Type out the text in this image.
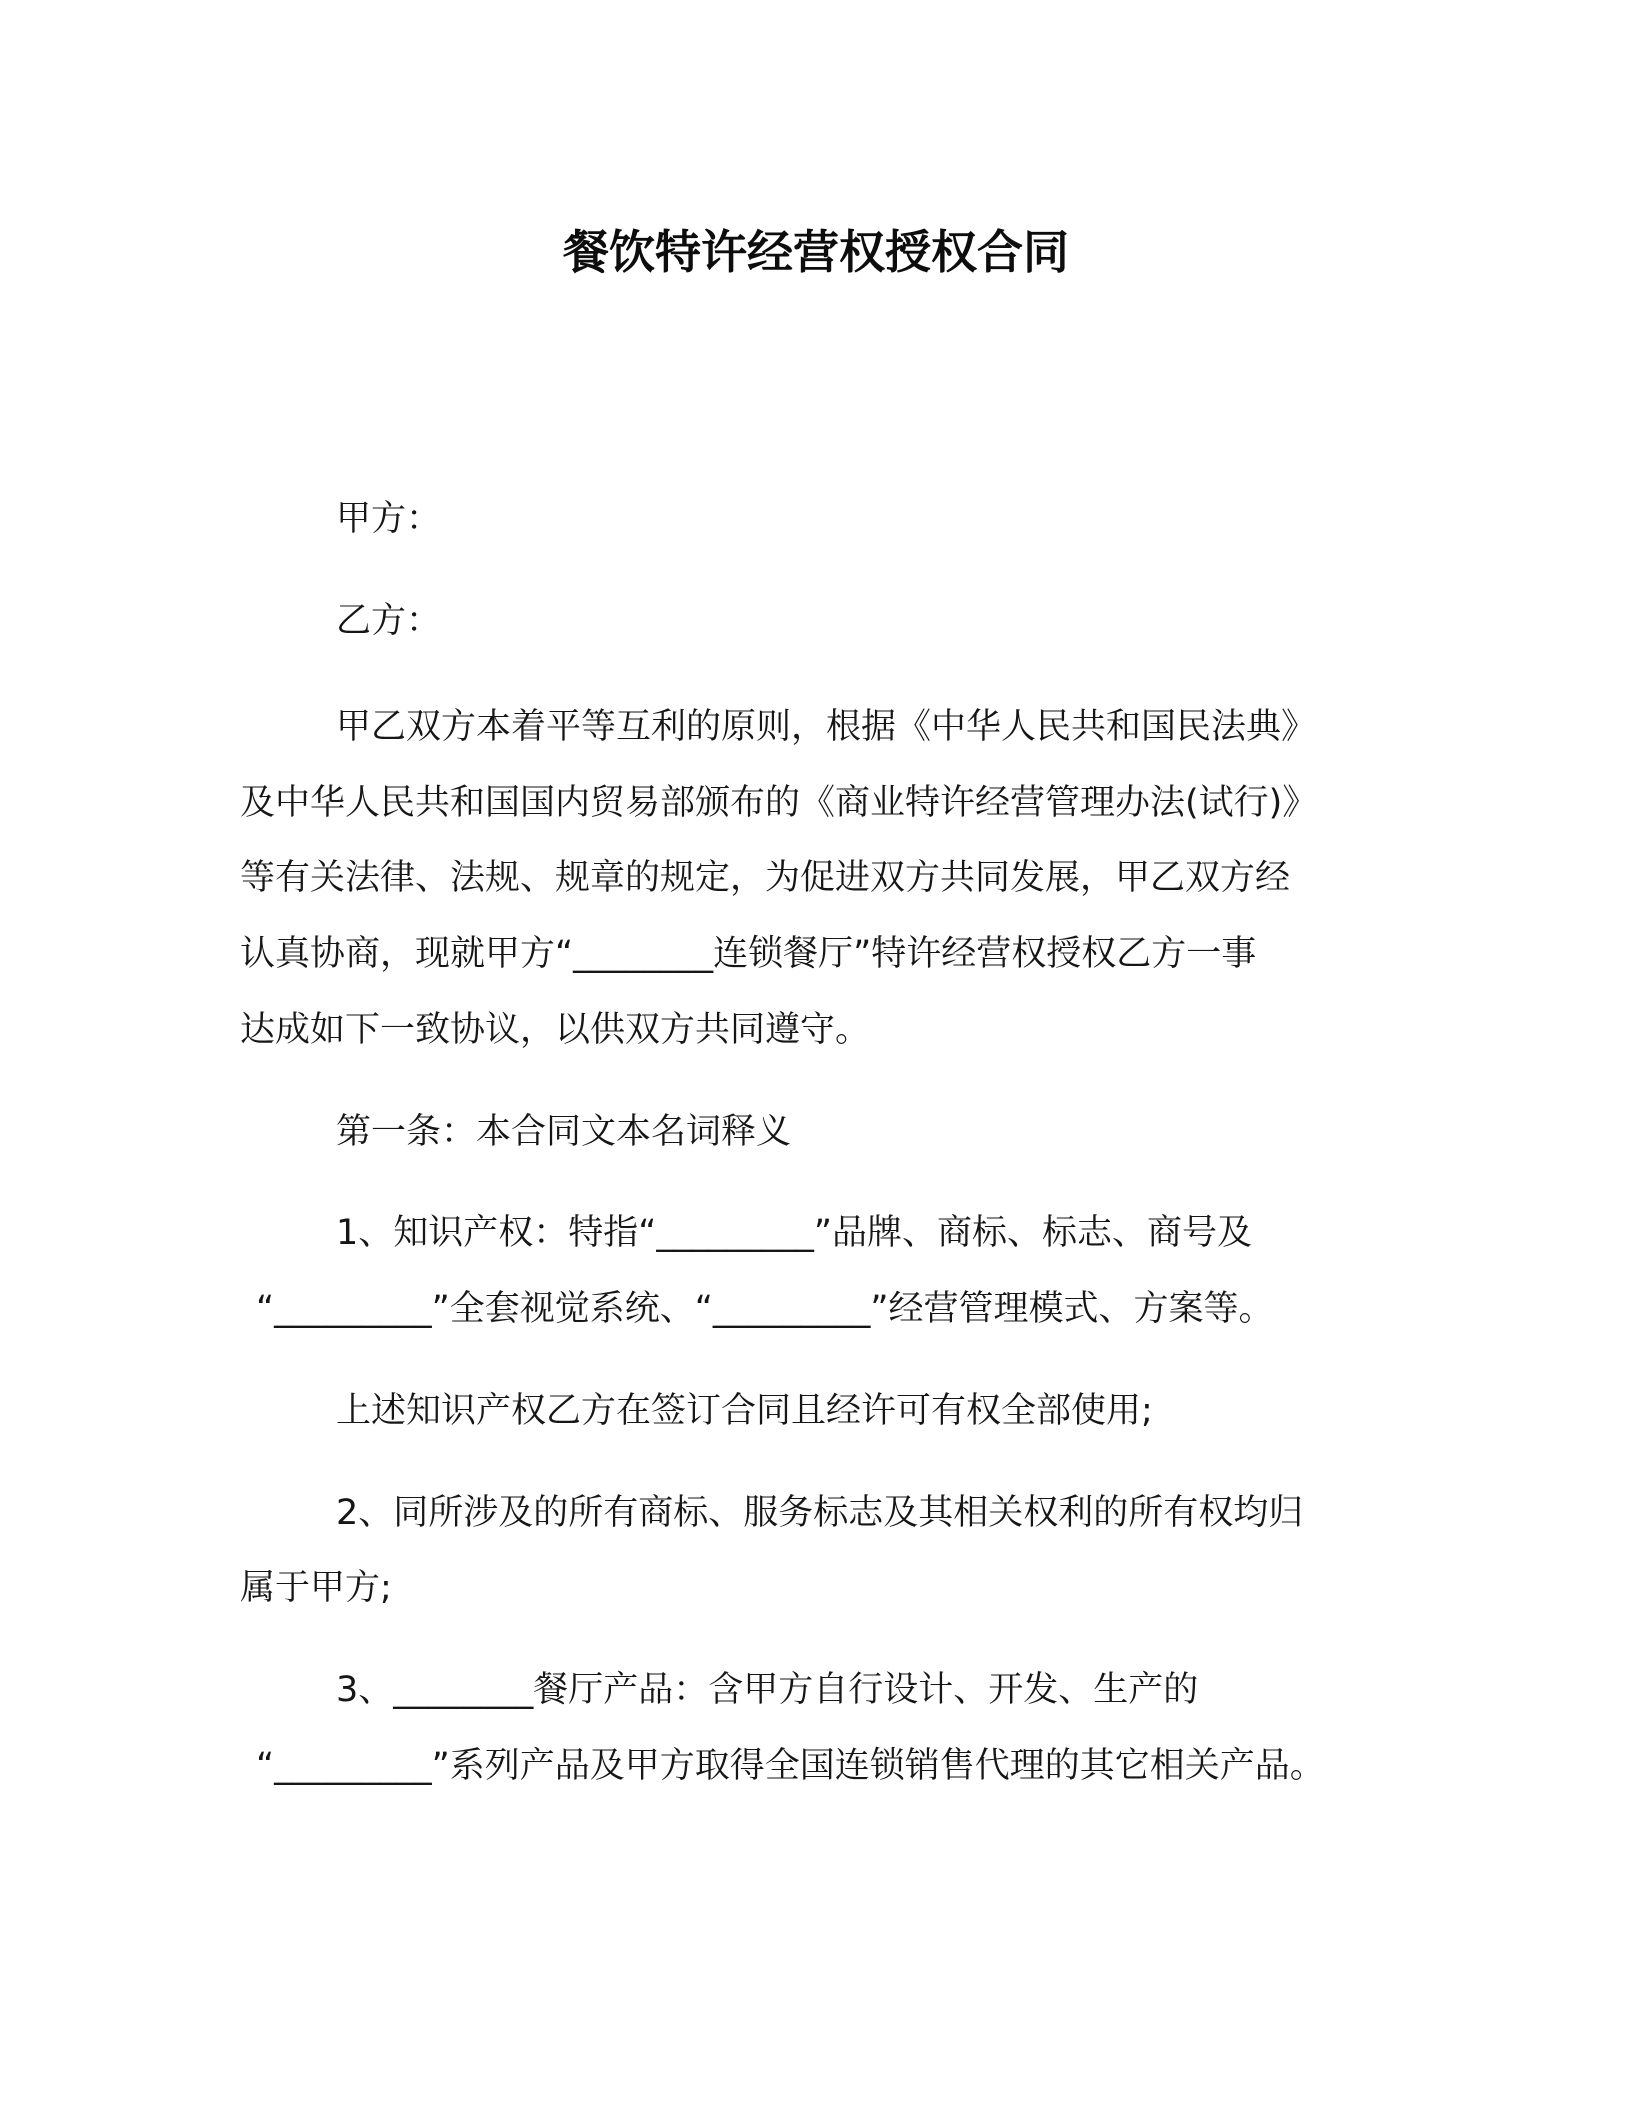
餐饮特许经营权授权合同
甲方：
乙方：
甲乙双方本着平等互利的原则，根据《中华人民共和国民法典》
及中华人民共和国国内贸易部颁布的《商业特许经营管理办法(试行)》
等有关法律、法规、规章的规定，为促进双方共同发展，甲乙双方经
认真协商，现就甲方“________连锁餐厅”特许经营权授权乙方一事
达成如下一致协议，以供双方共同遵守。
第一条：本合同文本名词释义
1、知识产权：特指“_________”品牌、商标、标志、商号及
“_________”全套视觉系统、“_________”经营管理模式、方案等。
上述知识产权乙方在签订合同且经许可有权全部使用;
2、同所涉及的所有商标、服务标志及其相关权利的所有权均归
属于甲方;
3、________餐厅产品：含甲方自行设计、开发、生产的
“_________”系列产品及甲方取得全国连锁销售代理的其它相关产品。
